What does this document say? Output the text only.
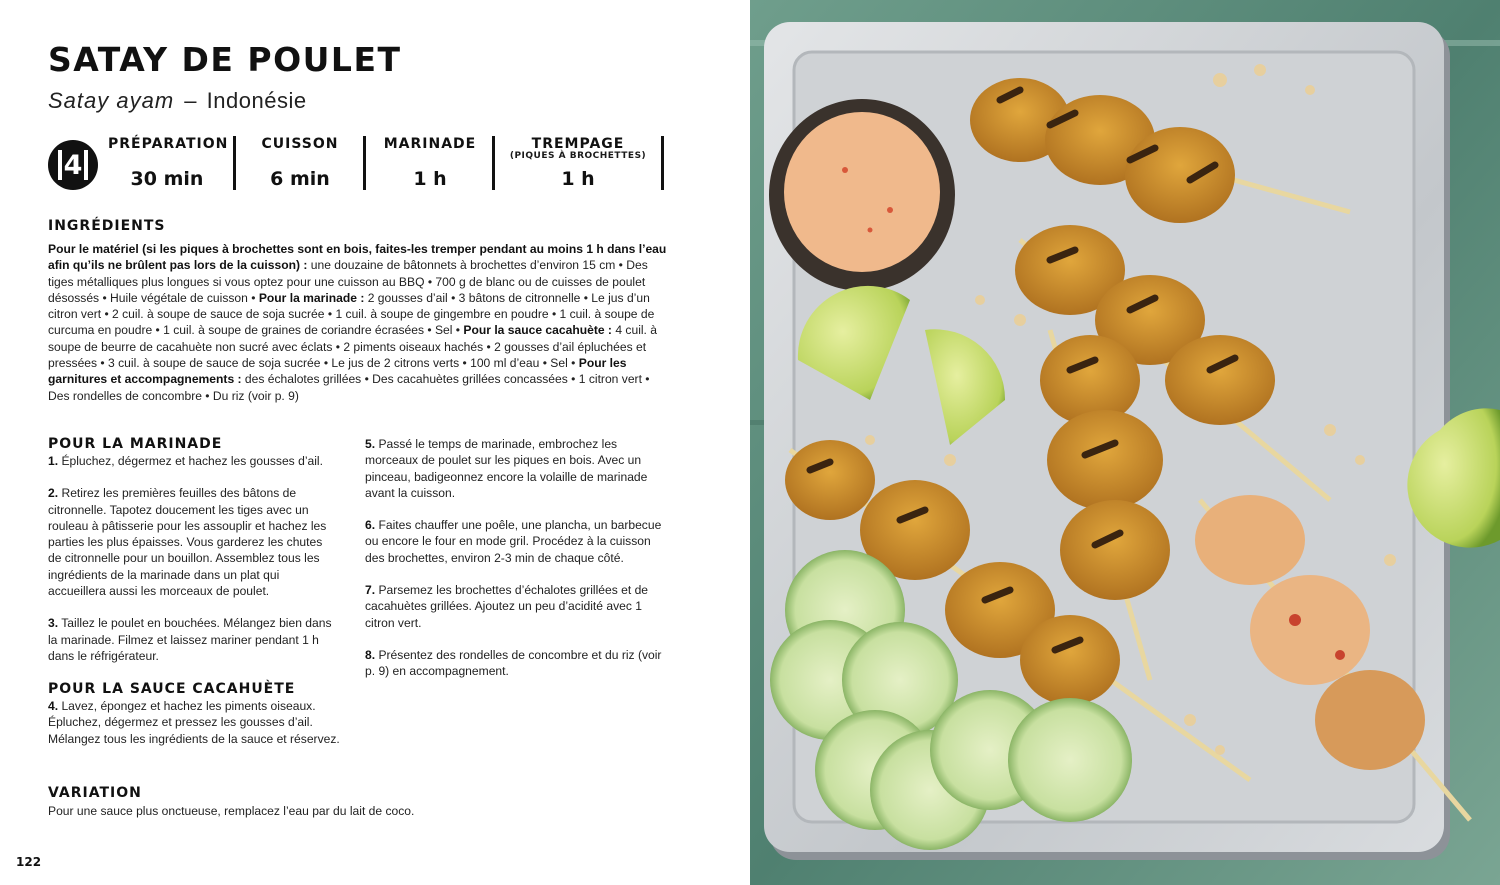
SATAY DE POULET
Satay ayam – Indonésie
4
PRÉPARATION
30 min
CUISSON
6 min
MARINADE
1 h
TREMPAGE
(PIQUES À BROCHETTES)
1 h
INGRÉDIENTS
Pour le matériel (si les piques à brochettes sont en bois, faites-les tremper pendant au moins 1 h dans l’eau afin qu’ils ne brûlent pas lors de la cuisson) : une douzaine de bâtonnets à brochettes d’environ 15 cm • Des tiges métalliques plus longues si vous optez pour une cuisson au BBQ • 700 g de blanc ou de cuisses de poulet désossés • Huile végétale de cuisson • Pour la marinade : 2 gousses d’ail • 3 bâtons de citronnelle • Le jus d’un citron vert • 2 cuil. à soupe de sauce de soja sucrée • 1 cuil. à soupe de gingembre en poudre • 1 cuil. à soupe de curcuma en poudre • 1 cuil. à soupe de graines de coriandre écrasées • Sel • Pour la sauce cacahuète : 4 cuil. à soupe de beurre de cacahuète non sucré avec éclats • 2 piments oiseaux hachés • 2 gousses d’ail épluchées et pressées • 3 cuil. à soupe de sauce de soja sucrée • Le jus de 2 citrons verts • 100 ml d’eau • Sel • Pour les garnitures et accompagnements : des échalotes grillées • Des cacahuètes grillées concassées • 1 citron vert • Des rondelles de concombre • Du riz (voir p. 9)
POUR LA MARINADE

1. Épluchez, dégermez et hachez les gousses d’ail.

2. Retirez les premières feuilles des bâtons de citronnelle. Tapotez doucement les tiges avec un rouleau à pâtisserie pour les assouplir et hachez les parties les plus épaisses. Vous garderez les chutes de citronnelle pour un bouillon. Assemblez tous les ingrédients de la marinade dans un plat qui accueillera aussi les morceaux de poulet.

3. Taillez le poulet en bouchées. Mélangez bien dans la marinade. Filmez et laissez mariner pendant 1 h dans le réfrigérateur.

POUR LA SAUCE CACAHUÈTE

4. Lavez, épongez et hachez les piments oiseaux. Épluchez, dégermez et pressez les gousses d’ail. Mélangez tous les ingrédients de la sauce et réservez.

5. Passé le temps de marinade, embrochez les morceaux de poulet sur les piques en bois. Avec un pinceau, badigeonnez encore la volaille de marinade avant la cuisson.

6. Faites chauffer une poêle, une plancha, un barbecue ou encore le four en mode gril. Procédez à la cuisson des brochettes, environ 2-3 min de chaque côté.

7. Parsemez les brochettes d’échalotes grillées et de cacahuètes grillées. Ajoutez un peu d’acidité avec 1 citron vert.

8. Présentez des rondelles de concombre et du riz (voir p. 9) en accompagnement.

VARIATION

Pour une sauce plus onctueuse, remplacez l’eau par du lait de coco.

122
